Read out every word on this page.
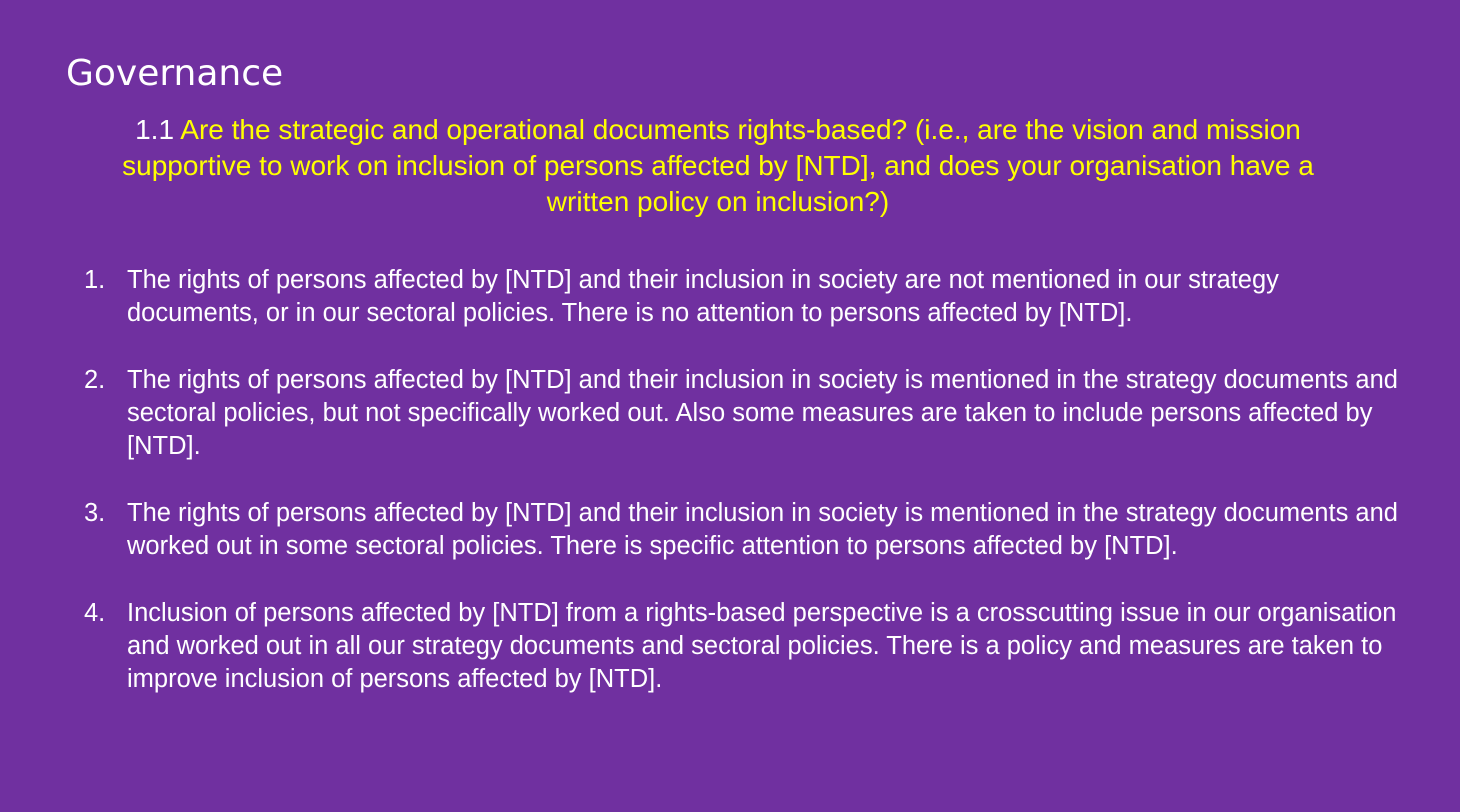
Governance

1.1 Are the strategic and operational documents rights-based? (i.e., are the vision and mission supportive to work on inclusion of persons affected by [NTD], and does your organisation have a written policy on inclusion?)

1. The rights of persons affected by [NTD] and their inclusion in society are not mentioned in our strategy documents, or in our sectoral policies. There is no attention to persons affected by [NTD].
2. The rights of persons affected by [NTD] and their inclusion in society is mentioned in the strategy documents and sectoral policies, but not specifically worked out. Also some measures are taken to include persons affected by [NTD].
3. The rights of persons affected by [NTD] and their inclusion in society is mentioned in the strategy documents and worked out in some sectoral policies. There is specific attention to persons affected by [NTD].
4. Inclusion of persons affected by [NTD] from a rights-based perspective is a crosscutting issue in our organisation and worked out in all our strategy documents and sectoral policies. There is a policy and measures are taken to improve inclusion of persons affected by [NTD].
